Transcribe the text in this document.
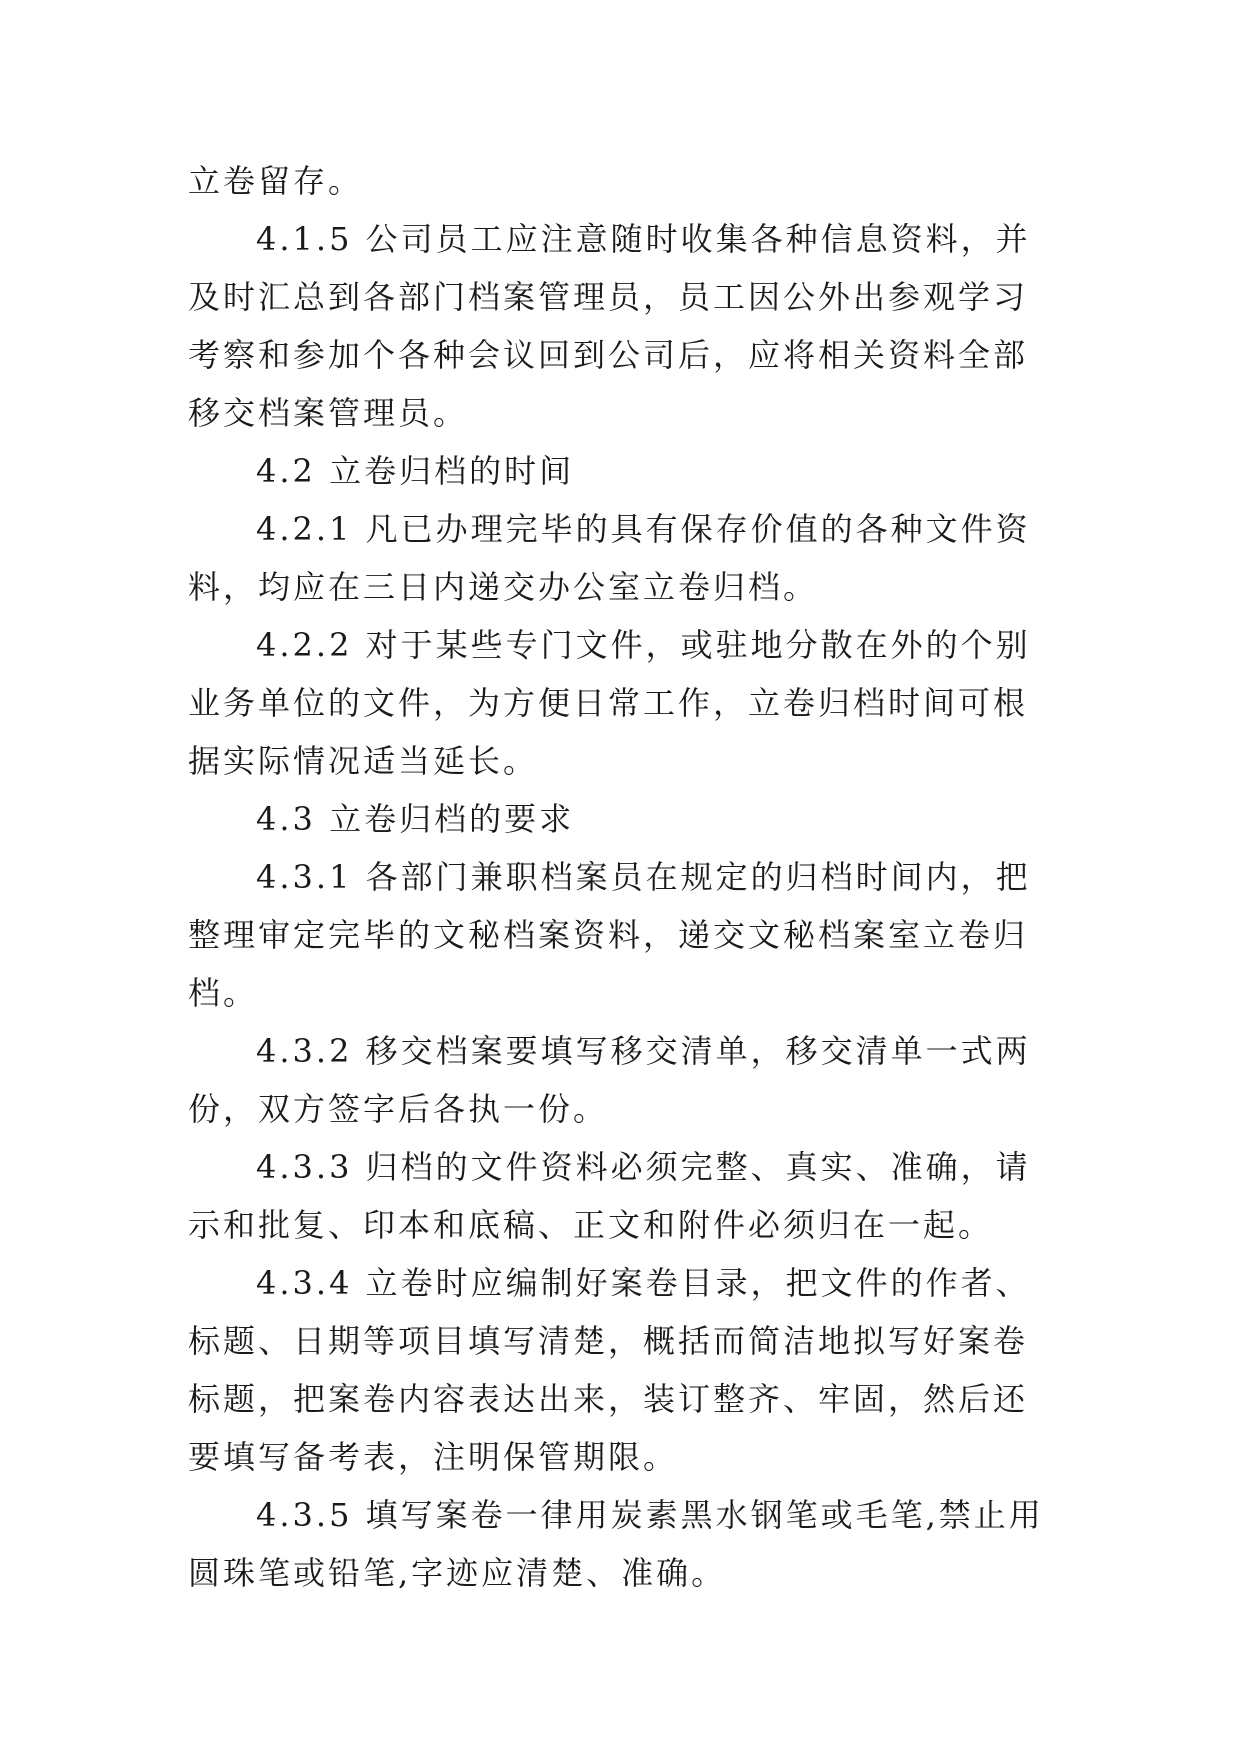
立卷留存。

4.1.5 公司员工应注意随时收集各种信息资料，并及时汇总到各部门档案管理员，员工因公外出参观学习考察和参加个各种会议回到公司后，应将相关资料全部移交档案管理员。

4.2 立卷归档的时间

4.2.1 凡已办理完毕的具有保存价值的各种文件资料，均应在三日内递交办公室立卷归档。

4.2.2 对于某些专门文件，或驻地分散在外的个别业务单位的文件，为方便日常工作，立卷归档时间可根据实际情况适当延长。

4.3 立卷归档的要求

4.3.1 各部门兼职档案员在规定的归档时间内，把整理审定完毕的文秘档案资料，递交文秘档案室立卷归档。

4.3.2 移交档案要填写移交清单，移交清单一式两份，双方签字后各执一份。

4.3.3 归档的文件资料必须完整、真实、准确，请示和批复、印本和底稿、正文和附件必须归在一起。

4.3.4 立卷时应编制好案卷目录，把文件的作者、标题、日期等项目填写清楚，概括而简洁地拟写好案卷标题，把案卷内容表达出来，装订整齐、牢固，然后还要填写备考表，注明保管期限。

4.3.5 填写案卷一律用炭素黑水钢笔或毛笔,禁止用圆珠笔或铅笔,字迹应清楚、准确。
